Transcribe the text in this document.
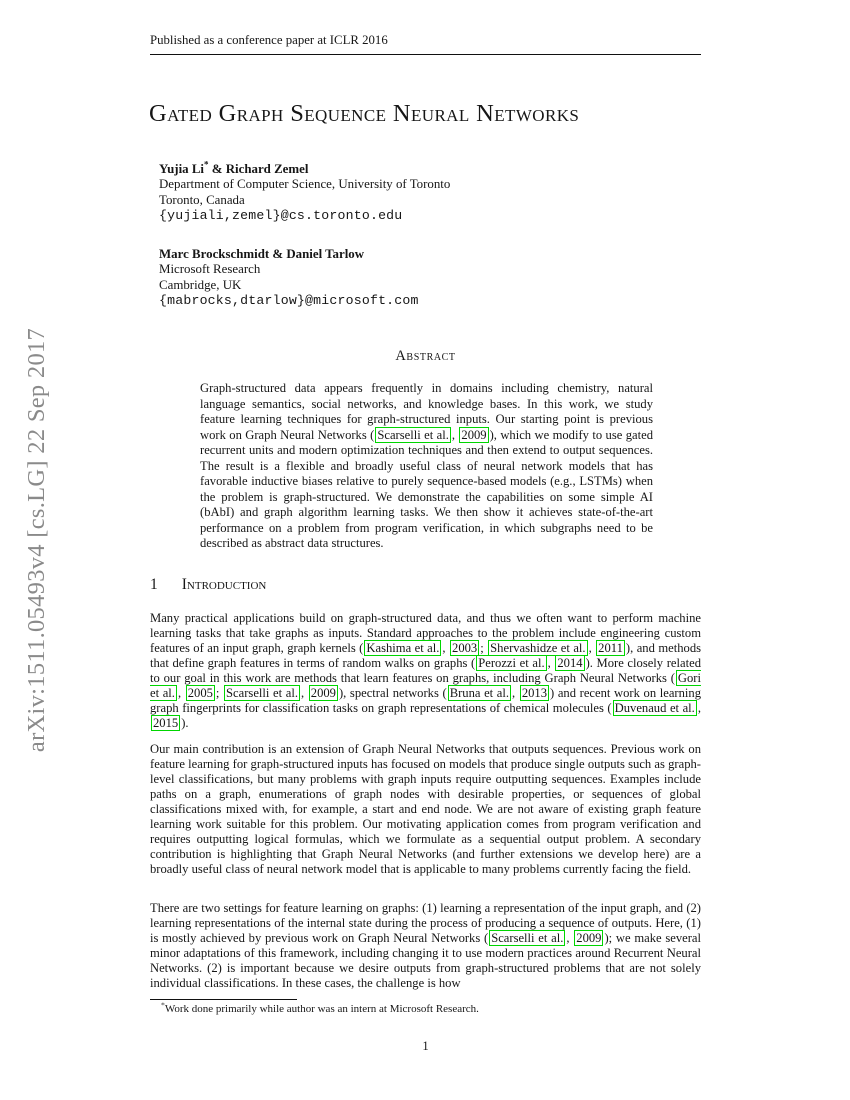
Published as a conference paper at ICLR 2016
Gated Graph Sequence Neural Networks
Yujia Li* & Richard Zemel
Department of Computer Science, University of Toronto
Toronto, Canada
{yujiali,zemel}@cs.toronto.edu
Marc Brockschmidt & Daniel Tarlow
Microsoft Research
Cambridge, UK
{mabrocks,dtarlow}@microsoft.com
Abstract

Graph-structured data appears frequently in domains including chemistry, natural language semantics, social networks, and knowledge bases. In this work, we study feature learning techniques for graph-structured inputs. Our starting point is previous work on Graph Neural Networks ( Scarselli et al. , 2009 ), which we modify to use gated recurrent units and modern optimization techniques and then extend to output sequences. The result is a flexible and broadly useful class of neural network models that has favorable inductive biases relative to purely sequence-based models (e.g., LSTMs) when the problem is graph-structured. We demonstrate the capabilities on some simple AI (bAbI) and graph algorithm learning tasks. We then show it achieves state-of-the-art performance on a problem from program verification, in which subgraphs need to be described as abstract data structures.

1 Introduction

Many practical applications build on graph-structured data, and thus we often want to perform machine learning tasks that take graphs as inputs. Standard approaches to the problem include engineering custom features of an input graph, graph kernels ( Kashima et al. , 2003 ; Shervashidze et al. , 2011 ), and methods that define graph features in terms of random walks on graphs ( Perozzi et al. , 2014 ). More closely related to our goal in this work are methods that learn features on graphs, including Graph Neural Networks ( Gori et al. , 2005 ; Scarselli et al. , 2009 ), spectral networks ( Bruna et al. , 2013 ) and recent work on learning graph fingerprints for classification tasks on graph representations of chemical molecules ( Duvenaud et al. , 2015 ).

Our main contribution is an extension of Graph Neural Networks that outputs sequences. Previous work on feature learning for graph-structured inputs has focused on models that produce single outputs such as graph-level classifications, but many problems with graph inputs require outputting sequences. Examples include paths on a graph, enumerations of graph nodes with desirable properties, or sequences of global classifications mixed with, for example, a start and end node. We are not aware of existing graph feature learning work suitable for this problem. Our motivating application comes from program verification and requires outputting logical formulas, which we formulate as a sequential output problem. A secondary contribution is highlighting that Graph Neural Networks (and further extensions we develop here) are a broadly useful class of neural network model that is applicable to many problems currently facing the field.

There are two settings for feature learning on graphs: (1) learning a representation of the input graph, and (2) learning representations of the internal state during the process of producing a sequence of outputs. Here, (1) is mostly achieved by previous work on Graph Neural Networks ( Scarselli et al. , 2009 ); we make several minor adaptations of this framework, including changing it to use modern practices around Recurrent Neural Networks. (2) is important because we desire outputs from graph-structured problems that are not solely individual classifications. In these cases, the challenge is how

*Work done primarily while author was an intern at Microsoft Research.
1
arXiv:1511.05493v4 [cs.LG] 22 Sep 2017
